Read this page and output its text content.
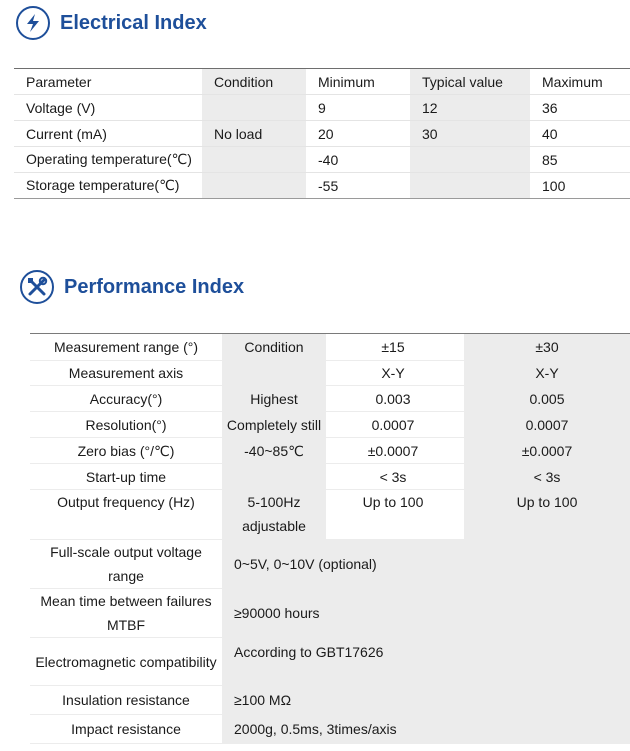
Electrical Index
Parameter	Condition	Minimum	Typical value	Maximum
Voltage (V)		9	12	36
Current (mA)	No load	20	30	40
Operating temperature(℃)		-40		85
Storage temperature(℃)		-55		100
Performance Index
Measurement range (°)	Condition	±15		±30
Measurement axis		X-Y		X-Y
Accuracy(°)	Highest	0.003		0.005
Resolution(°)	Completely still	0.0007		0.0007
Zero bias (°/℃)	-40~85℃	±0.0007		±0.0007
Start-up time		< 3s		< 3s
Output frequency (Hz)	5-100Hz adjustable	Up to 100		Up to 100
Full-scale output voltage range	0~5V, 0~10V (optional)			
Mean time between failures MTBF	≥90000 hours			
Electromagnetic compatibility	According to GBT17626			
Insulation resistance	≥100 MΩ			
Impact resistance	2000g, 0.5ms, 3times/axis			
